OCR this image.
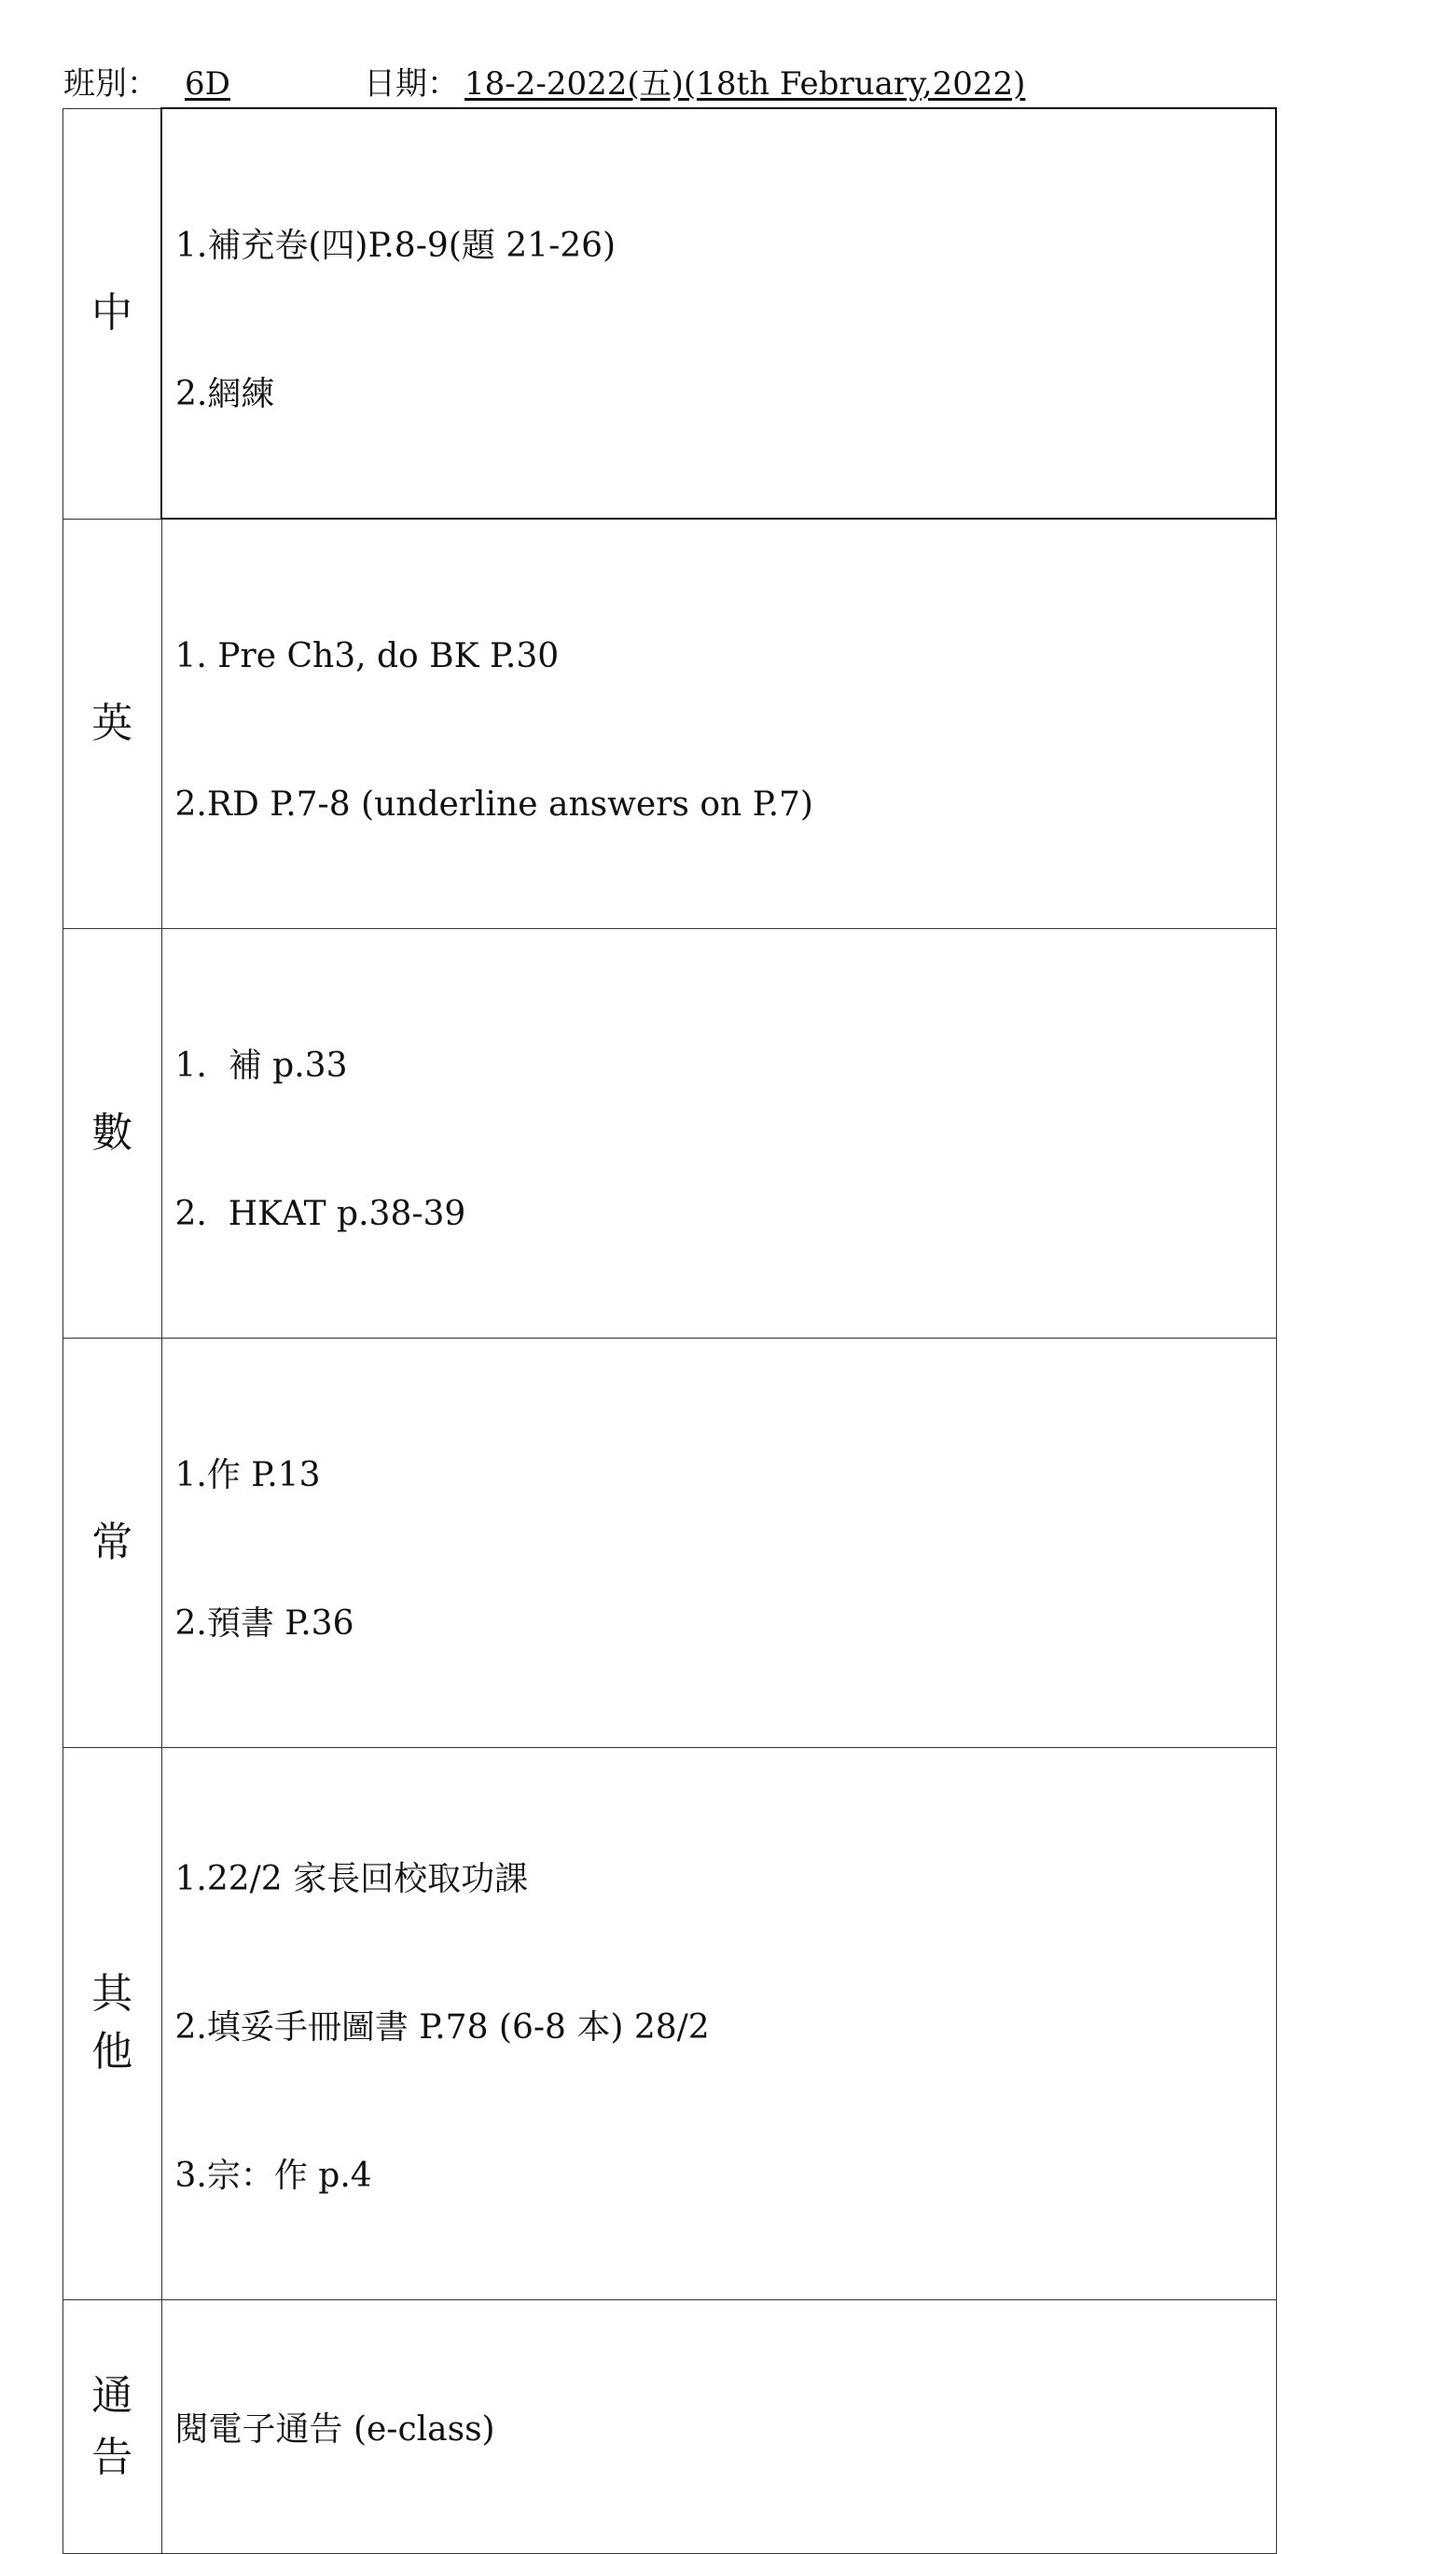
班別： 6D	日期： 18-2-2022(五)(18th February,2022)
中	1.補充卷(四)P.8-9(題 21-26)

2.網練

英	1. Pre Ch3, do BK P.30

2.RD P.7-8 (underline answers on P.7)

數	1.  補 p.33

2.  HKAT p.38-39

常	1.作 P.13

2.預書 P.36

其他	1.22/2 家長回校取功課

2.填妥手冊圖書 P.78 (6-8 本) 28/2

3.宗：作 p.4

通告	閱電子通告 (e-class)
